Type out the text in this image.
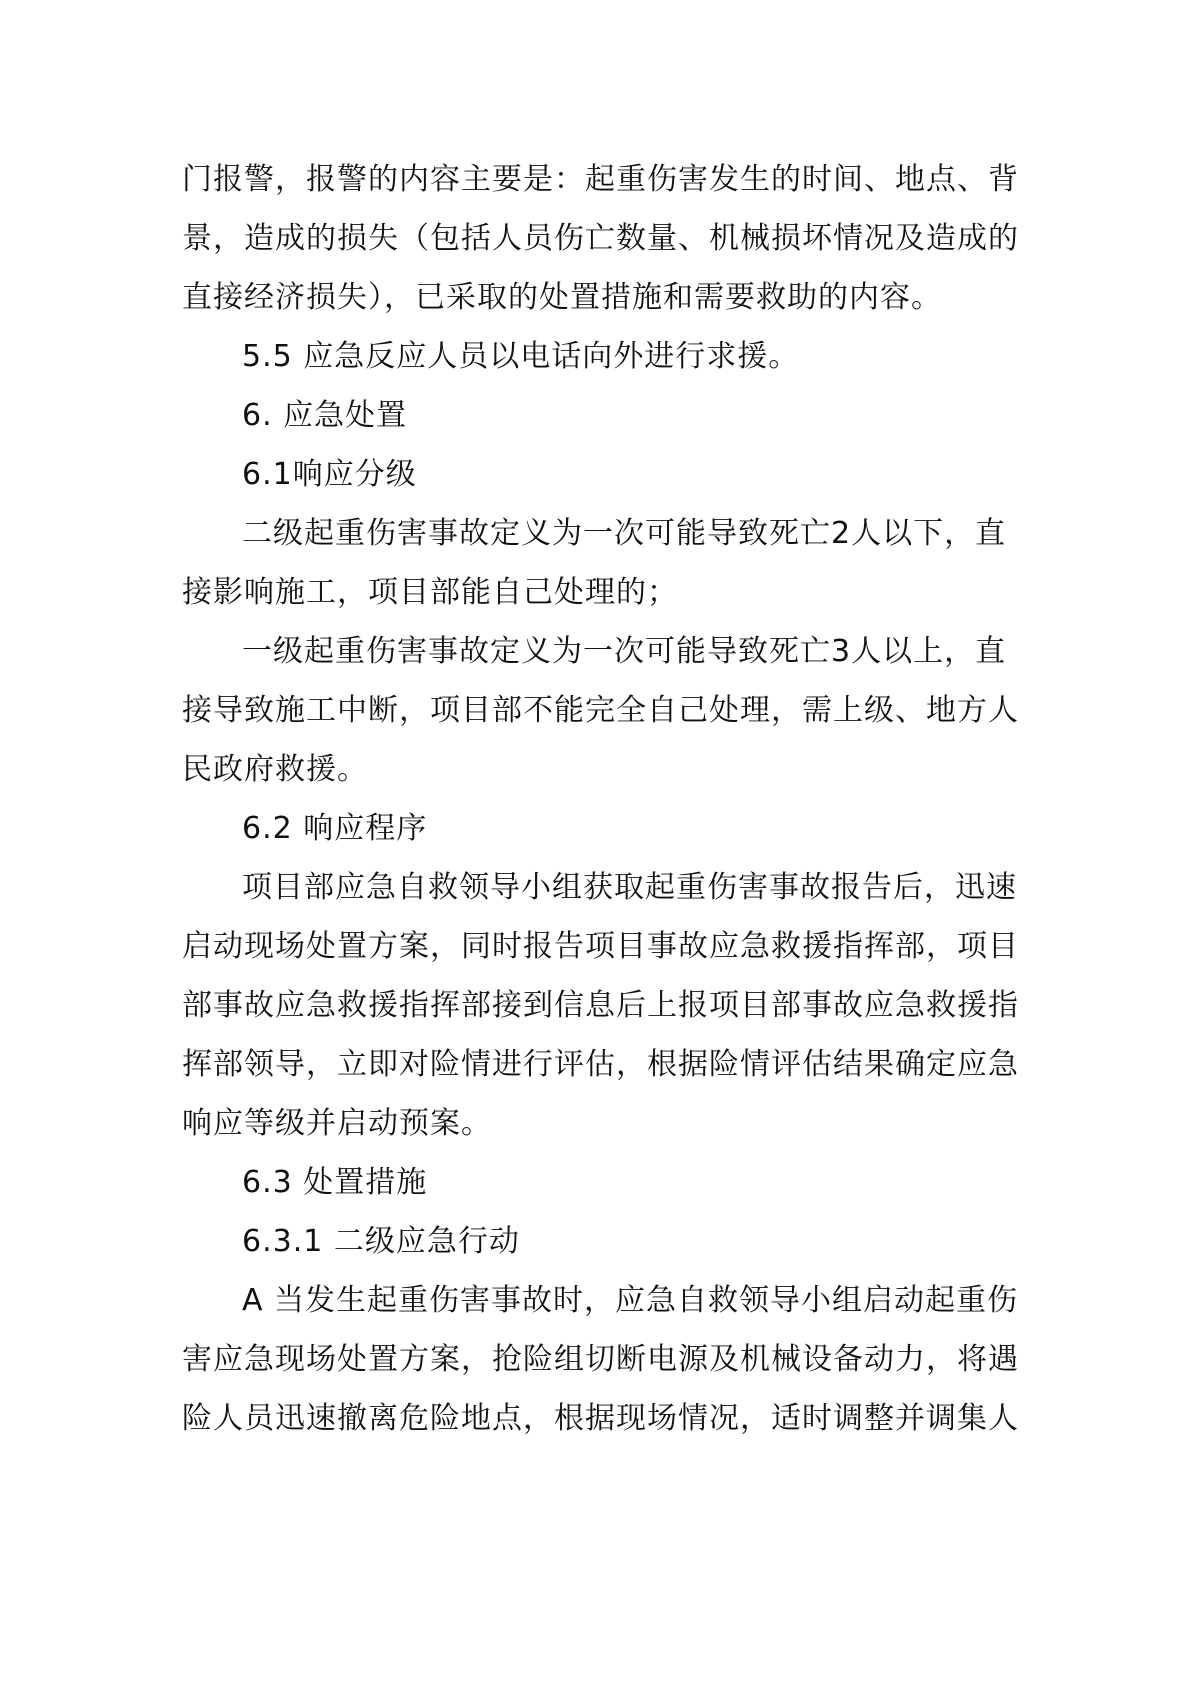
门报警，报警的内容主要是：起重伤害发生的时间、地点、背
景，造成的损失（包括人员伤亡数量、机械损坏情况及造成的
直接经济损失），已采取的处置措施和需要救助的内容。
5.5 应急反应人员以电话向外进行求援。
6. 应急处置
6.1响应分级
二级起重伤害事故定义为一次可能导致死亡2人以下，直
接影响施工，项目部能自己处理的；
一级起重伤害事故定义为一次可能导致死亡3人以上，直
接导致施工中断，项目部不能完全自己处理，需上级、地方人
民政府救援。
6.2 响应程序
项目部应急自救领导小组获取起重伤害事故报告后，迅速
启动现场处置方案，同时报告项目事故应急救援指挥部，项目
部事故应急救援指挥部接到信息后上报项目部事故应急救援指
挥部领导，立即对险情进行评估，根据险情评估结果确定应急
响应等级并启动预案。
6.3 处置措施
6.3.1 二级应急行动
A 当发生起重伤害事故时，应急自救领导小组启动起重伤
害应急现场处置方案，抢险组切断电源及机械设备动力，将遇
险人员迅速撤离危险地点，根据现场情况，适时调整并调集人
